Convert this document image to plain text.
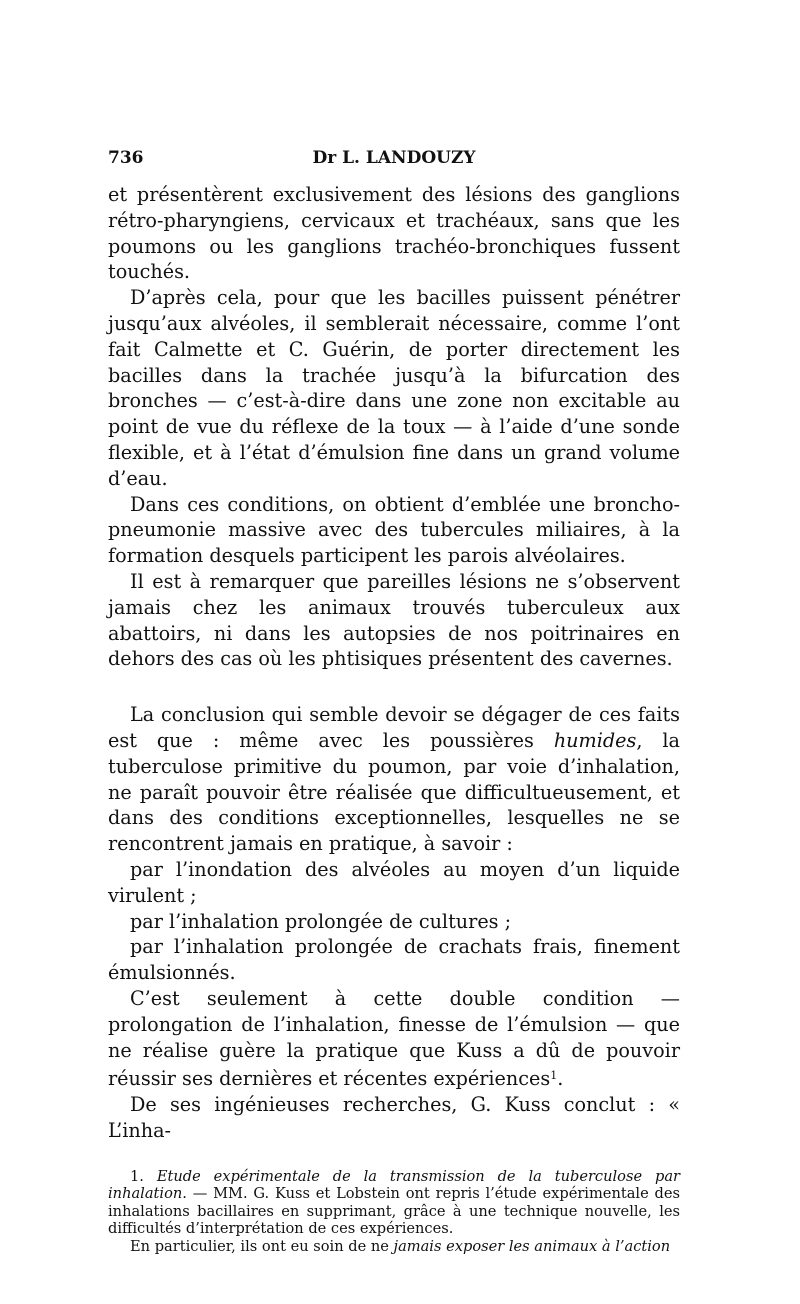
736	Dr L. LANDOUZY

et présentèrent exclusivement des lésions des ganglions rétro-pharyngiens, cervicaux et trachéaux, sans que les poumons ou les ganglions trachéo-bronchiques fussent touchés.

D’après cela, pour que les bacilles puissent pénétrer jusqu’aux alvéoles, il semblerait nécessaire, comme l’ont fait Calmette et C. Guérin, de porter directement les bacilles dans la trachée jusqu’à la bifurcation des bronches — c’est-à-dire dans une zone non excitable au point de vue du réflexe de la toux — à l’aide d’une sonde flexible, et à l’état d’émulsion fine dans un grand volume d’eau.

Dans ces conditions, on obtient d’emblée une broncho-pneumonie massive avec des tubercules miliaires, à la formation desquels participent les parois alvéolaires.

Il est à remarquer que pareilles lésions ne s’observent jamais chez les animaux trouvés tuberculeux aux abattoirs, ni dans les autopsies de nos poitrinaires en dehors des cas où les phtisiques présentent des cavernes.

La conclusion qui semble devoir se dégager de ces faits est que : même avec les poussières humides, la tuberculose primitive du poumon, par voie d’inhalation, ne paraît pouvoir être réalisée que difficultueusement, et dans des conditions exceptionnelles, lesquelles ne se rencontrent jamais en pratique, à savoir :

par l’inondation des alvéoles au moyen d’un liquide virulent ;

par l’inhalation prolongée de cultures ;

par l’inhalation prolongée de crachats frais, finement émulsionnés.

C’est seulement à cette double condition — prolongation de l’inhalation, finesse de l’émulsion — que ne réalise guère la pratique que Kuss a dû de pouvoir réussir ses dernières et récentes expériences$^1$.

De ses ingénieuses recherches, G. Kuss conclut : « L’inha-

1. Etude expérimentale de la transmission de la tuberculose par inhalation. — MM. G. Kuss et Lobstein ont repris l’étude expérimentale des inhalations bacillaires en supprimant, grâce à une technique nouvelle, les difficultés d’interprétation de ces expériences.

En particulier, ils ont eu soin de ne jamais exposer les animaux à l’action
